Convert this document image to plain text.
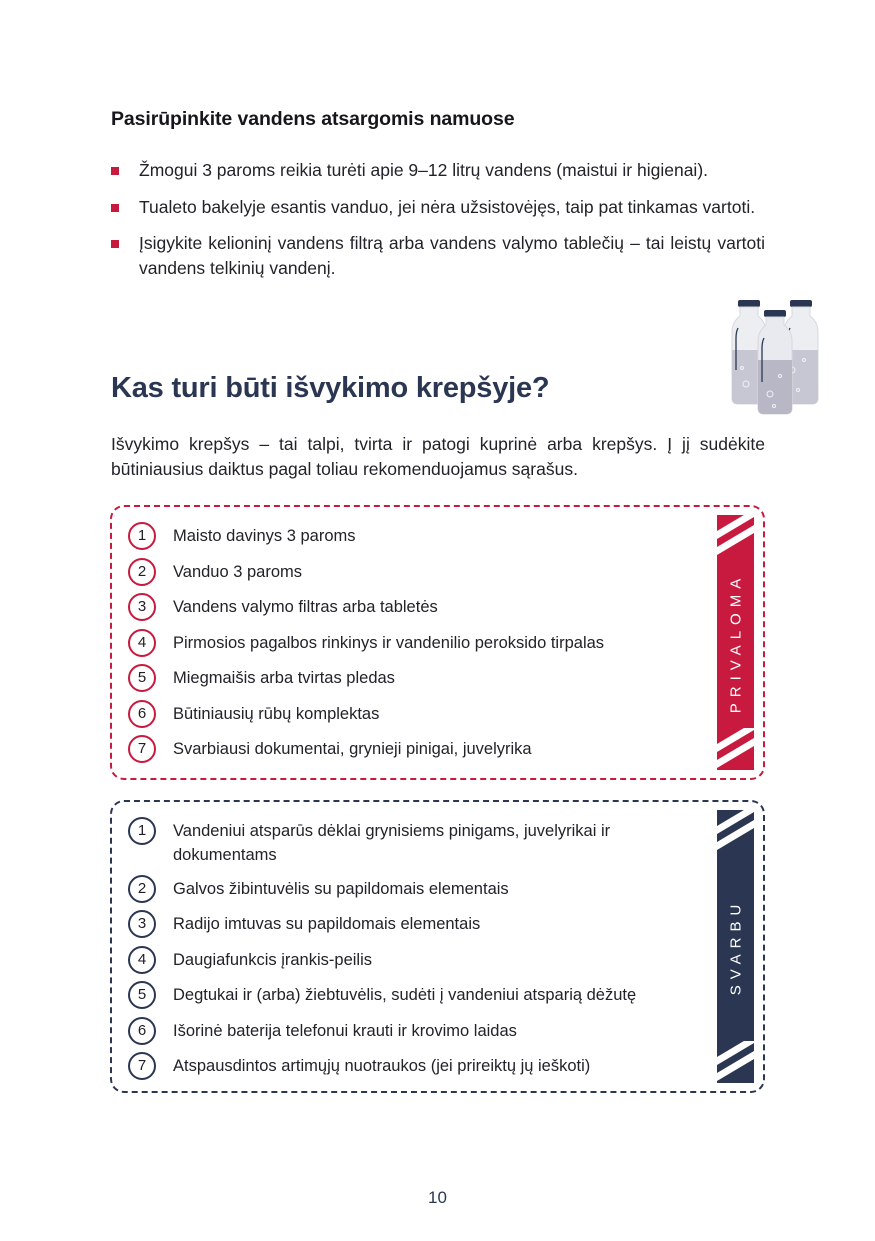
Pasirūpinkite vandens atsargomis namuose
Žmogui 3 paroms reikia turėti apie 9–12 litrų vandens (maistui ir higienai).
Tualeto bakelyje esantis vanduo, jei nėra užsistovėjęs, taip pat tinkamas vartoti.
Įsigykite kelioninį vandens filtrą arba vandens valymo tablečių – tai leistų vartoti vandens telkinių vandenį.
Kas turi būti išvykimo krepšyje?

Išvykimo krepšys – tai talpi, tvirta ir patogi kuprinė arba krepšys. Į jį sudėkite būtiniausius daiktus pagal toliau rekomenduojamus sąrašus.

1	Maisto davinys 3 paroms
2	Vanduo 3 paroms
3	Vandens valymo filtras arba tabletės
4	Pirmosios pagalbos rinkinys ir vandenilio peroksido tirpalas
5	Miegmaišis arba tvirtas pledas
6	Būtiniausių rūbų komplektas
7	Svarbiausi dokumentai, grynieji pinigai, juvelyrika
PRIVALOMA
1	Vandeniui atsparūs dėklai grynisiems pinigams, juvelyrikai ir dokumentams
2	Galvos žibintuvėlis su papildomais elementais
3	Radijo imtuvas su papildomais elementais
4	Daugiafunkcis įrankis-peilis
5	Degtukai ir (arba) žiebtuvėlis, sudėti į vandeniui atsparią dėžutę
6	Išorinė baterija telefonui krauti ir krovimo laidas
7	Atspausdintos artimųjų nuotraukos (jei prireiktų jų ieškoti)
SVARBU
10
